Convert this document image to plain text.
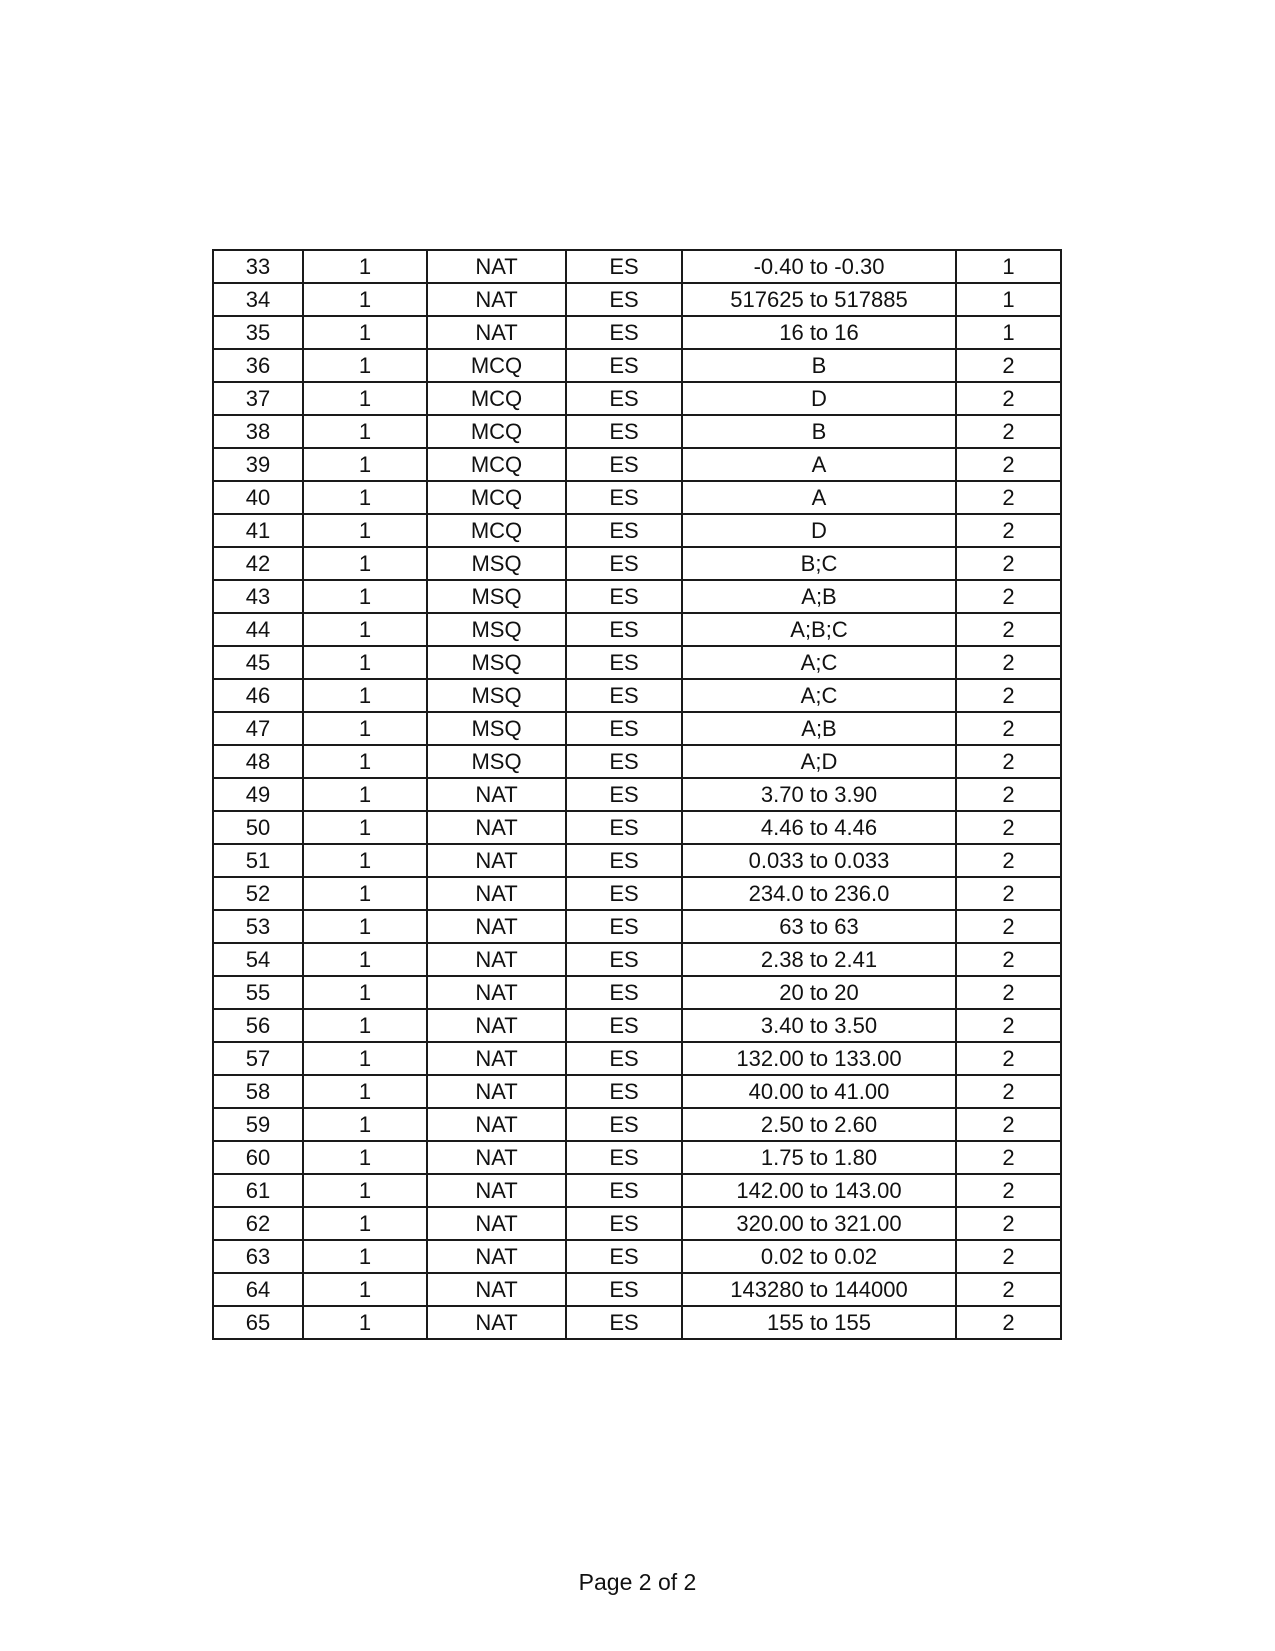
33	1	NAT	ES	-0.40 to -0.30	1
34	1	NAT	ES	517625 to 517885	1
35	1	NAT	ES	16 to 16	1
36	1	MCQ	ES	B	2
37	1	MCQ	ES	D	2
38	1	MCQ	ES	B	2
39	1	MCQ	ES	A	2
40	1	MCQ	ES	A	2
41	1	MCQ	ES	D	2
42	1	MSQ	ES	B;C	2
43	1	MSQ	ES	A;B	2
44	1	MSQ	ES	A;B;C	2
45	1	MSQ	ES	A;C	2
46	1	MSQ	ES	A;C	2
47	1	MSQ	ES	A;B	2
48	1	MSQ	ES	A;D	2
49	1	NAT	ES	3.70 to 3.90	2
50	1	NAT	ES	4.46 to 4.46	2
51	1	NAT	ES	0.033 to 0.033	2
52	1	NAT	ES	234.0 to 236.0	2
53	1	NAT	ES	63 to 63	2
54	1	NAT	ES	2.38 to 2.41	2
55	1	NAT	ES	20 to 20	2
56	1	NAT	ES	3.40 to 3.50	2
57	1	NAT	ES	132.00 to 133.00	2
58	1	NAT	ES	40.00 to 41.00	2
59	1	NAT	ES	2.50 to 2.60	2
60	1	NAT	ES	1.75 to 1.80	2
61	1	NAT	ES	142.00 to 143.00	2
62	1	NAT	ES	320.00 to 321.00	2
63	1	NAT	ES	0.02 to 0.02	2
64	1	NAT	ES	143280 to 144000	2
65	1	NAT	ES	155 to 155	2
Page 2 of 2
